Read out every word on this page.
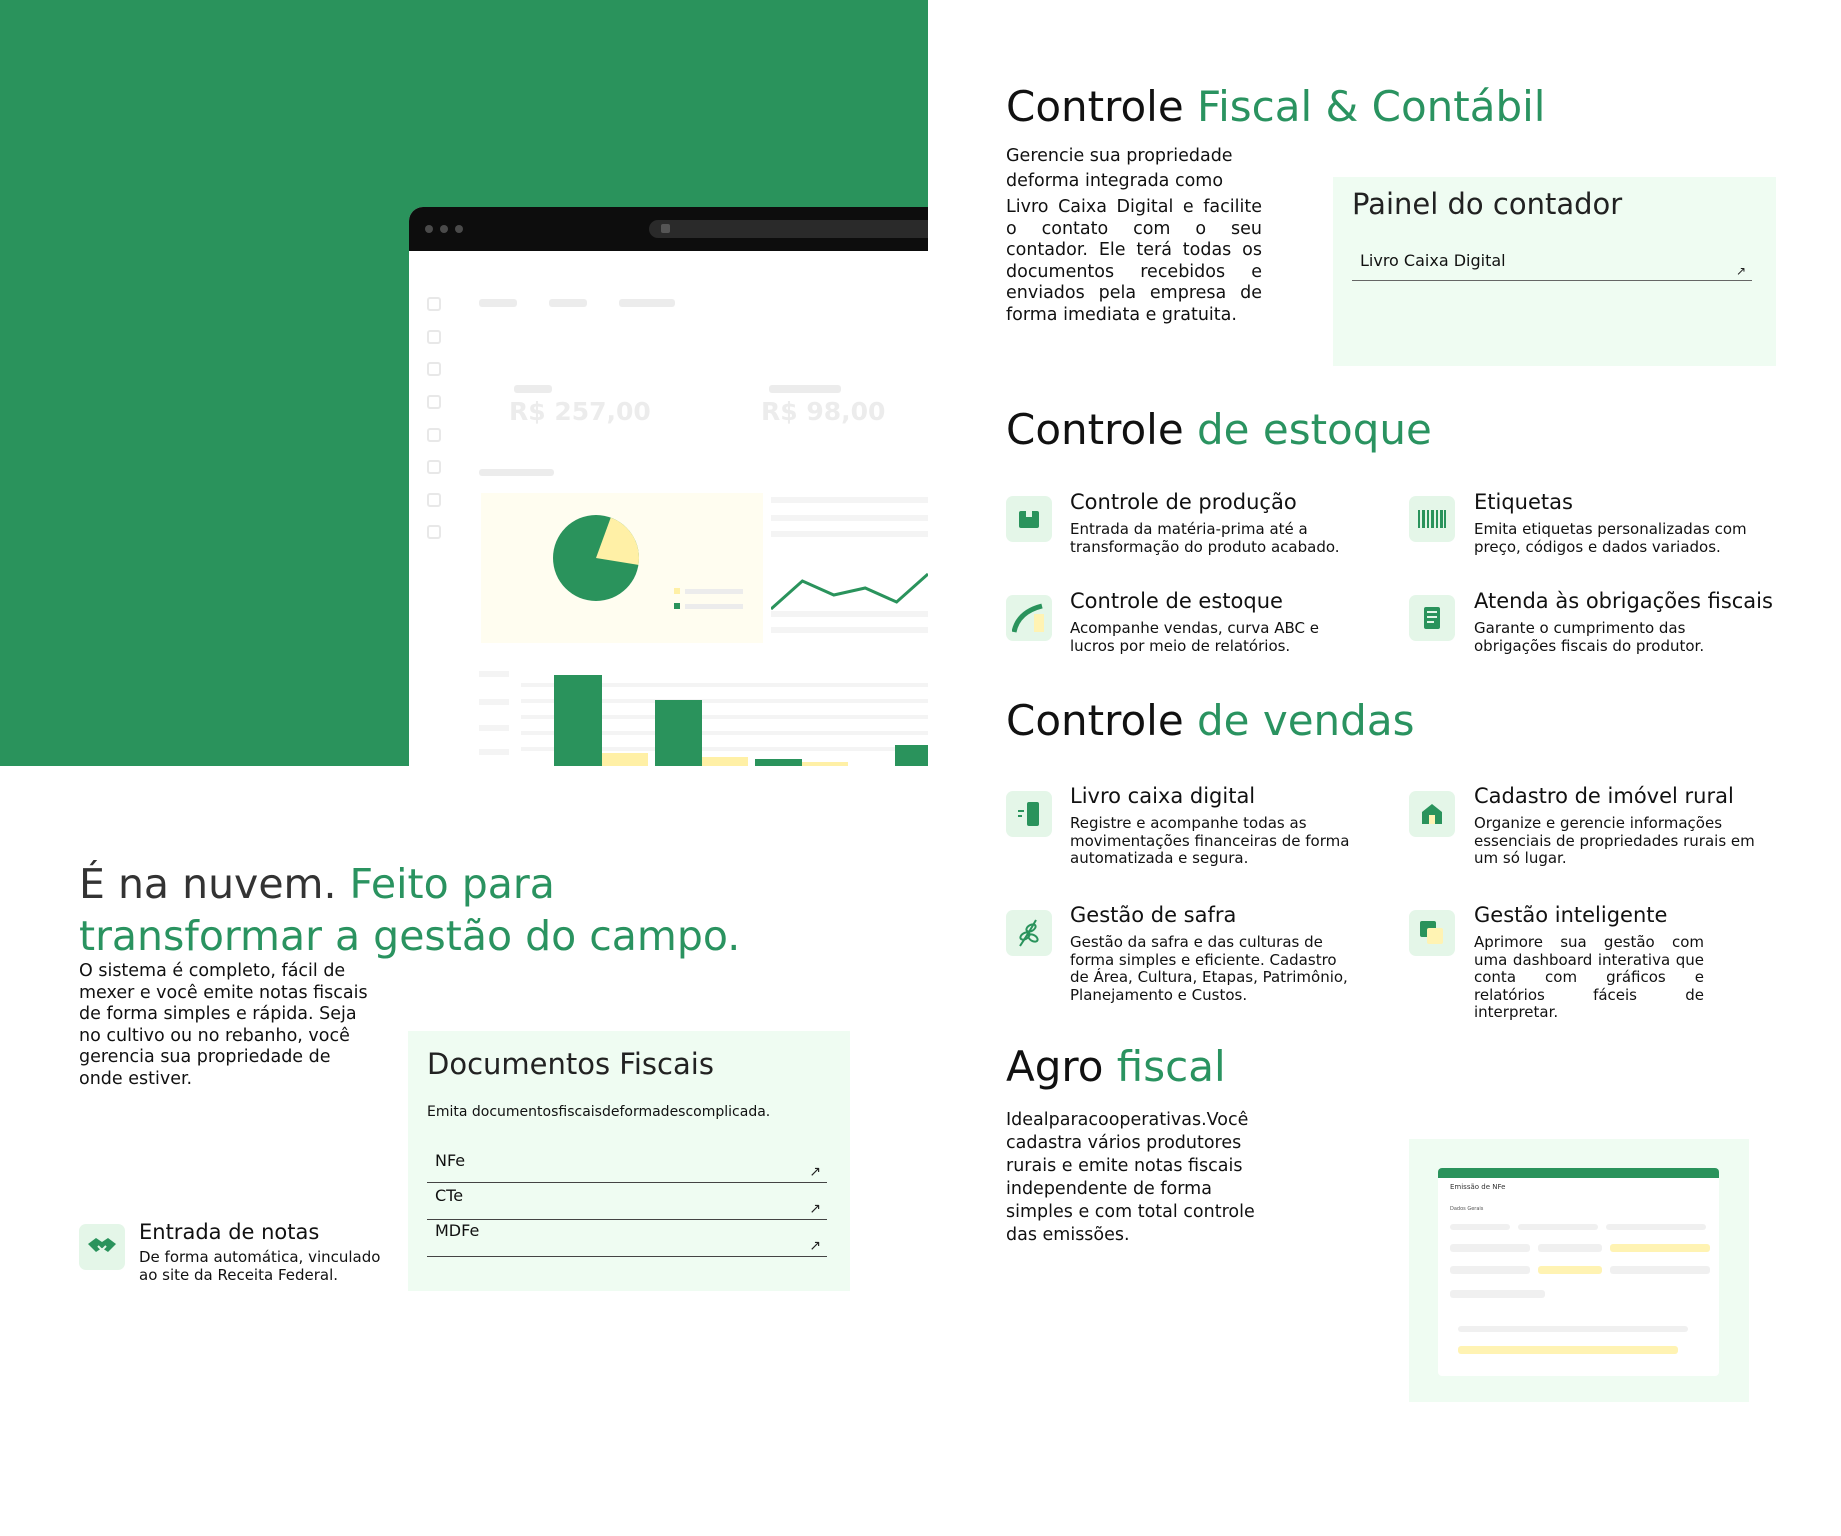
R$ 257,00	R$ 98,00
É na nuvem. Feito para transformar a gestão do campo.
O sistema é completo, fácil de mexer e você emite notas fiscais de forma simples e rápida. Seja no cultivo ou no rebanho, você gerencia sua propriedade de onde estiver.	Documentos Fiscais
Emita documentosfiscaisdeformadescomplicada.
NFe
↗
CTe
↗
MDFe
↗
Entrada de notas
De forma automática, vinculado ao site da Receita Federal.
Controle Fiscal & Contábil
Gerencie sua propriedade
deforma integrada como
Livro Caixa Digital e facilite o contato com o seu contador. Ele terá todas os documentos recebidos e enviados pela empresa de forma imediata e gratuita.
Painel do contador
Livro Caixa Digital
↗
Controle de estoque
Controle de produção
Entrada da matéria-prima até a transformação do produto acabado.
Etiquetas
Emita etiquetas personalizadas com preço, códigos e dados variados.
Controle de estoque
Acompanhe vendas, curva ABC e lucros por meio de relatórios.
Atenda às obrigações fiscais
Garante o cumprimento das obrigações fiscais do produtor.
Controle de vendas
Livro caixa digital
Registre e acompanhe todas as movimentações financeiras de forma automatizada e segura.
Cadastro de imóvel rural
Organize e gerencie informações essenciais de propriedades rurais em um só lugar.
Gestão de safra
Gestão da safra e das culturas de forma simples e eficiente. Cadastro de Área, Cultura, Etapas, Patrimônio, Planejamento e Custos.
Gestão inteligente
Aprimore sua gestão com uma dashboard interativa que conta com gráficos e relatórios fáceis de interpretar.
Agro fiscal
Idealparacooperativas.Você cadastra vários produtores rurais e emite notas fiscais independente de forma simples e com total controle das emissões.
Emissão de NFe
Dados Gerais
